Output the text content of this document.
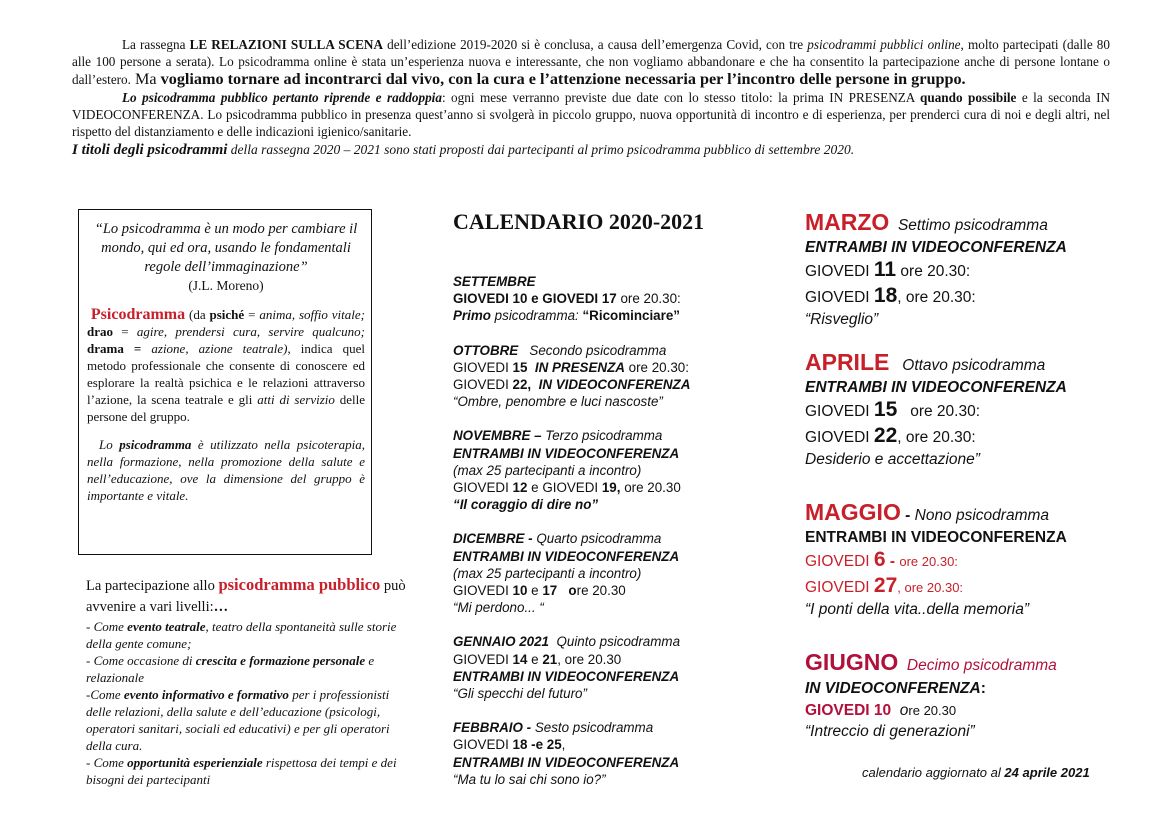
La rassegna LE RELAZIONI SULLA SCENA dell’edizione 2019-2020 si è conclusa, a causa dell’emergenza Covid, con tre psicodrammi pubblici online, molto partecipati (dalle 80 alle 100 persone a serata). Lo psicodramma online è stata un’esperienza nuova e interessante, che non vogliamo abbandonare e che ha consentito la partecipazione anche di persone lontane o dall’estero. Ma vogliamo tornare ad incontrarci dal vivo, con la cura e l’attenzione necessaria per l’incontro delle persone in gruppo.

Lo psicodramma pubblico pertanto riprende e raddoppia: ogni mese verranno previste due date con lo stesso titolo: la prima IN PRESENZA quando possibile e la seconda IN VIDEOCONFERENZA. Lo psicodramma pubblico in presenza quest’anno si svolgerà in piccolo gruppo, nuova opportunità di incontro e di esperienza, per prenderci cura di noi e degli altri, nel rispetto del distanziamento e delle indicazioni igienico/sanitarie.

I titoli degli psicodrammi della rassegna 2020 – 2021 sono stati proposti dai partecipanti al primo psicodramma pubblico di settembre 2020.

“Lo psicodramma è un modo per cambiare il mondo, qui ed ora, usando le fondamentali regole dell’immaginazione”
(J.L. Moreno)
Psicodramma (da psiché = anima, soffio vitale; drao = agire, prendersi cura, servire qualcuno; drama = azione, azione teatrale), indica quel metodo professionale che consente di conoscere ed esplorare la realtà psichica e le relazioni attraverso l’azione, la scena teatrale e gli atti di servizio delle persone del gruppo.
Lo psicodramma è utilizzato nella psicoterapia, nella formazione, nella promozione della salute e nell’educazione, ove la dimensione del gruppo è importante e vitale.
La partecipazione allo psicodramma pubblico può avvenire a vari livelli:…
- Come evento teatrale, teatro della spontaneità sulle storie della gente comune;
- Come occasione di crescita e formazione personale e relazionale
-Come evento informativo e formativo per i professionisti delle relazioni, della salute e dell’educazione (psicologi, operatori sanitari, sociali ed educativi) e per gli operatori della cura.
- Come opportunità esperienziale rispettosa dei tempi e dei bisogni dei partecipanti
CALENDARIO 2020-2021
SETTEMBRE
GIOVEDI 10 e GIOVEDI 17 ore 20.30:
Primo psicodramma: “Ricominciare”
OTTOBRE Secondo psicodramma
GIOVEDI 15 IN PRESENZA ore 20.30:
GIOVEDI 22, IN VIDEOCONFERENZA
“Ombre, penombre e luci nascoste”
NOVEMBRE – Terzo psicodramma
ENTRAMBI IN VIDEOCONFERENZA
(max 25 partecipanti a incontro)
GIOVEDI 12 e GIOVEDI 19, ore 20.30
“Il coraggio di dire no”
DICEMBRE - Quarto psicodramma
ENTRAMBI IN VIDEOCONFERENZA
(max 25 partecipanti a incontro)
GIOVEDI 10 e 17 ore 20.30
“Mi perdono... “
GENNAIO 2021  Quinto psicodramma
GIOVEDI 14 e 21, ore 20.30
ENTRAMBI IN VIDEOCONFERENZA
“Gli specchi del futuro”
FEBBRAIO - Sesto psicodramma
GIOVEDI 18 -e 25,
ENTRAMBI IN VIDEOCONFERENZA
“Ma tu lo sai chi sono io?”
MARZO Settimo psicodramma
ENTRAMBI IN VIDEOCONFERENZA
GIOVEDI 11 ore 20.30:
GIOVEDI 18, ore 20.30:
“Risveglio”
APRILE Ottavo psicodramma
ENTRAMBI IN VIDEOCONFERENZA
GIOVEDI 15   ore 20.30:
GIOVEDI 22, ore 20.30:
Desiderio e accettazione”
MAGGIO - Nono psicodramma
ENTRAMBI IN VIDEOCONFERENZA
GIOVEDI 6 - ore 20.30:
GIOVEDI 27, ore 20.30:
“I ponti della vita..della memoria”
GIUGNO Decimo psicodramma
IN VIDEOCONFERENZA:
GIOVEDI 10 ore 20.30
“Intreccio di generazioni”
calendario aggiornato al 24 aprile 2021
